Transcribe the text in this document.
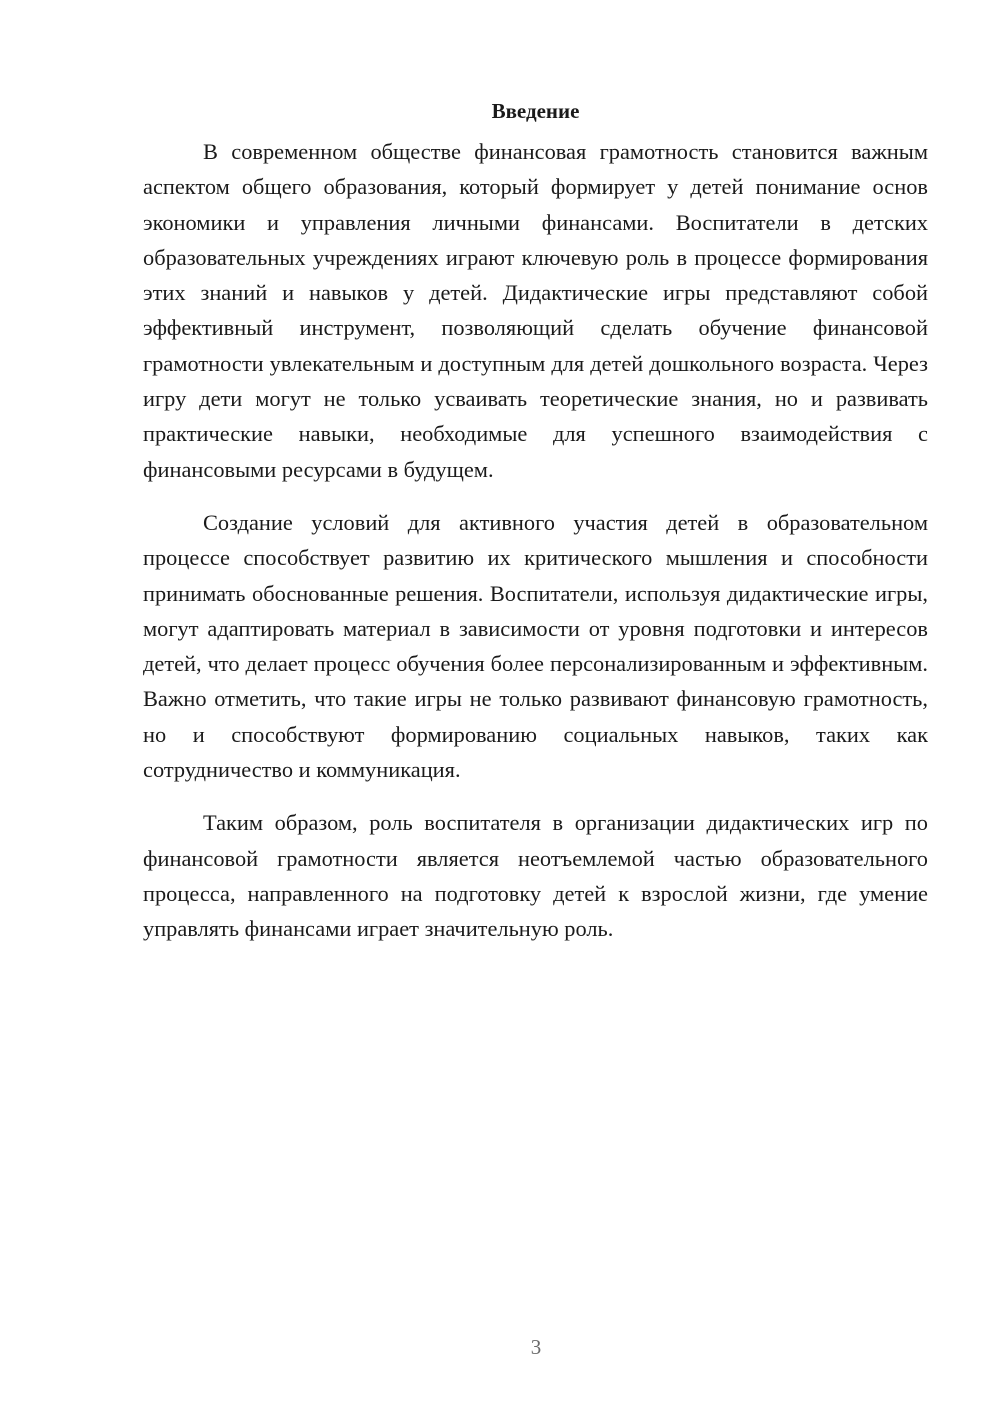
Введение

В современном обществе финансовая грамотность становится важным аспектом общего образования, который формирует у детей понимание основ экономики и управления личными финансами. Воспитатели в детских образовательных учреждениях играют ключевую роль в процессе формирования этих знаний и навыков у детей. Дидактические игры представляют собой эффективный инструмент, позволяющий сделать обучение финансовой грамотности увлекательным и доступным для детей дошкольного возраста. Через игру дети могут не только усваивать теоретические знания, но и развивать практические навыки, необходимые для успешного взаимодействия с финансовыми ресурсами в будущем.

Создание условий для активного участия детей в образовательном процессе способствует развитию их критического мышления и способности принимать обоснованные решения. Воспитатели, используя дидактические игры, могут адаптировать материал в зависимости от уровня подготовки и интересов детей, что делает процесс обучения более персонализированным и эффективным. Важно отметить, что такие игры не только развивают финансовую грамотность, но и способствуют формированию социальных навыков, таких как сотрудничество и коммуникация.

Таким образом, роль воспитателя в организации дидактических игр по финансовой грамотности является неотъемлемой частью образовательного процесса, направленного на подготовку детей к взрослой жизни, где умение управлять финансами играет значительную роль.

3
